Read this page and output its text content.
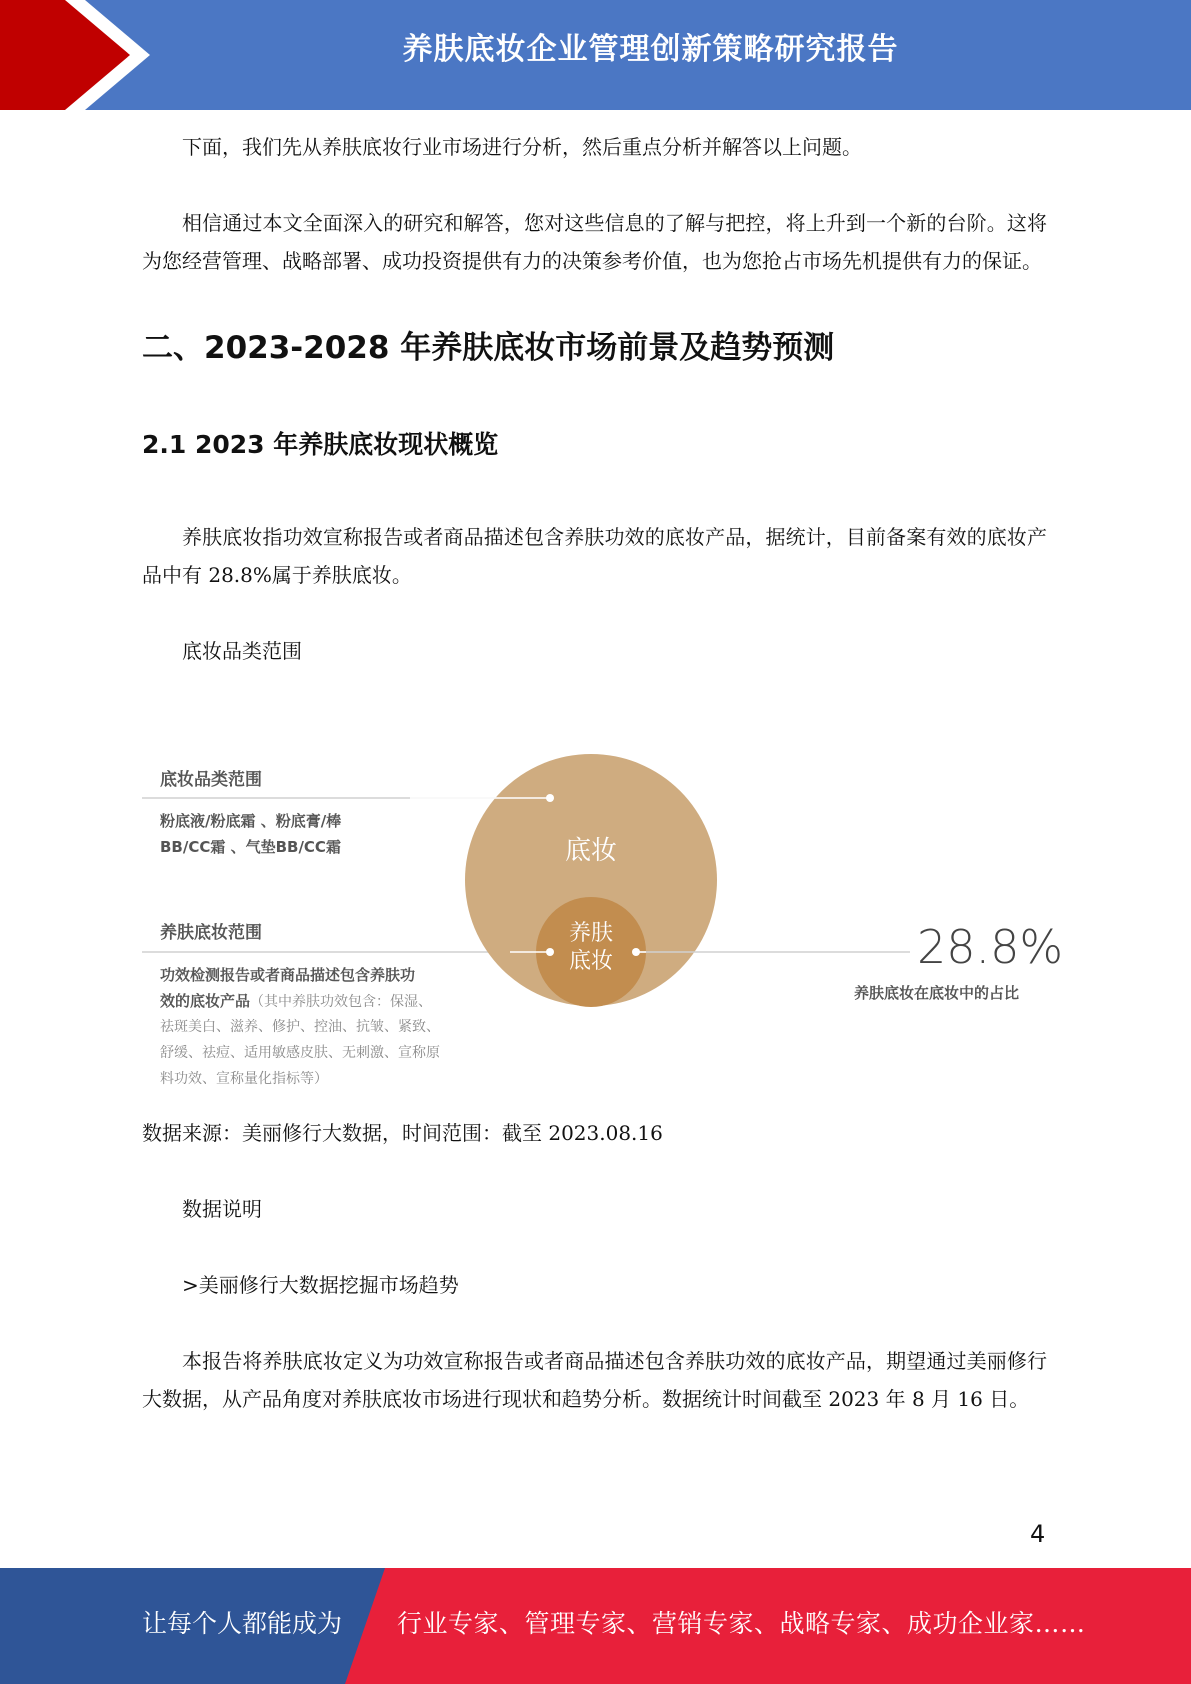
养肤底妆企业管理创新策略研究报告

下面，我们先从养肤底妆行业市场进行分析，然后重点分析并解答以上问题。

相信通过本文全面深入的研究和解答，您对这些信息的了解与把控，将上升到一个新的台阶。这将为您经营管理、战略部署、成功投资提供有力的决策参考价值，也为您抢占市场先机提供有力的保证。

二、2023-2028 年养肤底妆市场前景及趋势预测
2.1 2023 年养肤底妆现状概览

养肤底妆指功效宣称报告或者商品描述包含养肤功效的底妆产品，据统计，目前备案有效的底妆产品中有 28.8%属于养肤底妆。

底妆品类范围

底妆品类范围
粉底液/粉底霜 、粉底膏/棒
BB/CC霜 、气垫BB/CC霜
养肤底妆范围
功效检测报告或者商品描述包含养肤功
效的底妆产品（其中养肤功效包含：保湿、
祛斑美白、滋养、修护、控油、抗皱、紧致、
舒缓、祛痘、适用敏感皮肤、无刺激、宣称原
料功效、宣称量化指标等）
底妆
养肤
底妆	28.8%
养肤底妆在底妆中的占比

数据来源：美丽修行大数据，时间范围：截至 2023.08.16

数据说明

>美丽修行大数据挖掘市场趋势

本报告将养肤底妆定义为功效宣称报告或者商品描述包含养肤功效的底妆产品，期望通过美丽修行大数据，从产品角度对养肤底妆市场进行现状和趋势分析。数据统计时间截至 2023 年 8 月 16 日。

4
让每个人都能成为 行业专家、管理专家、营销专家、战略专家、成功企业家……
